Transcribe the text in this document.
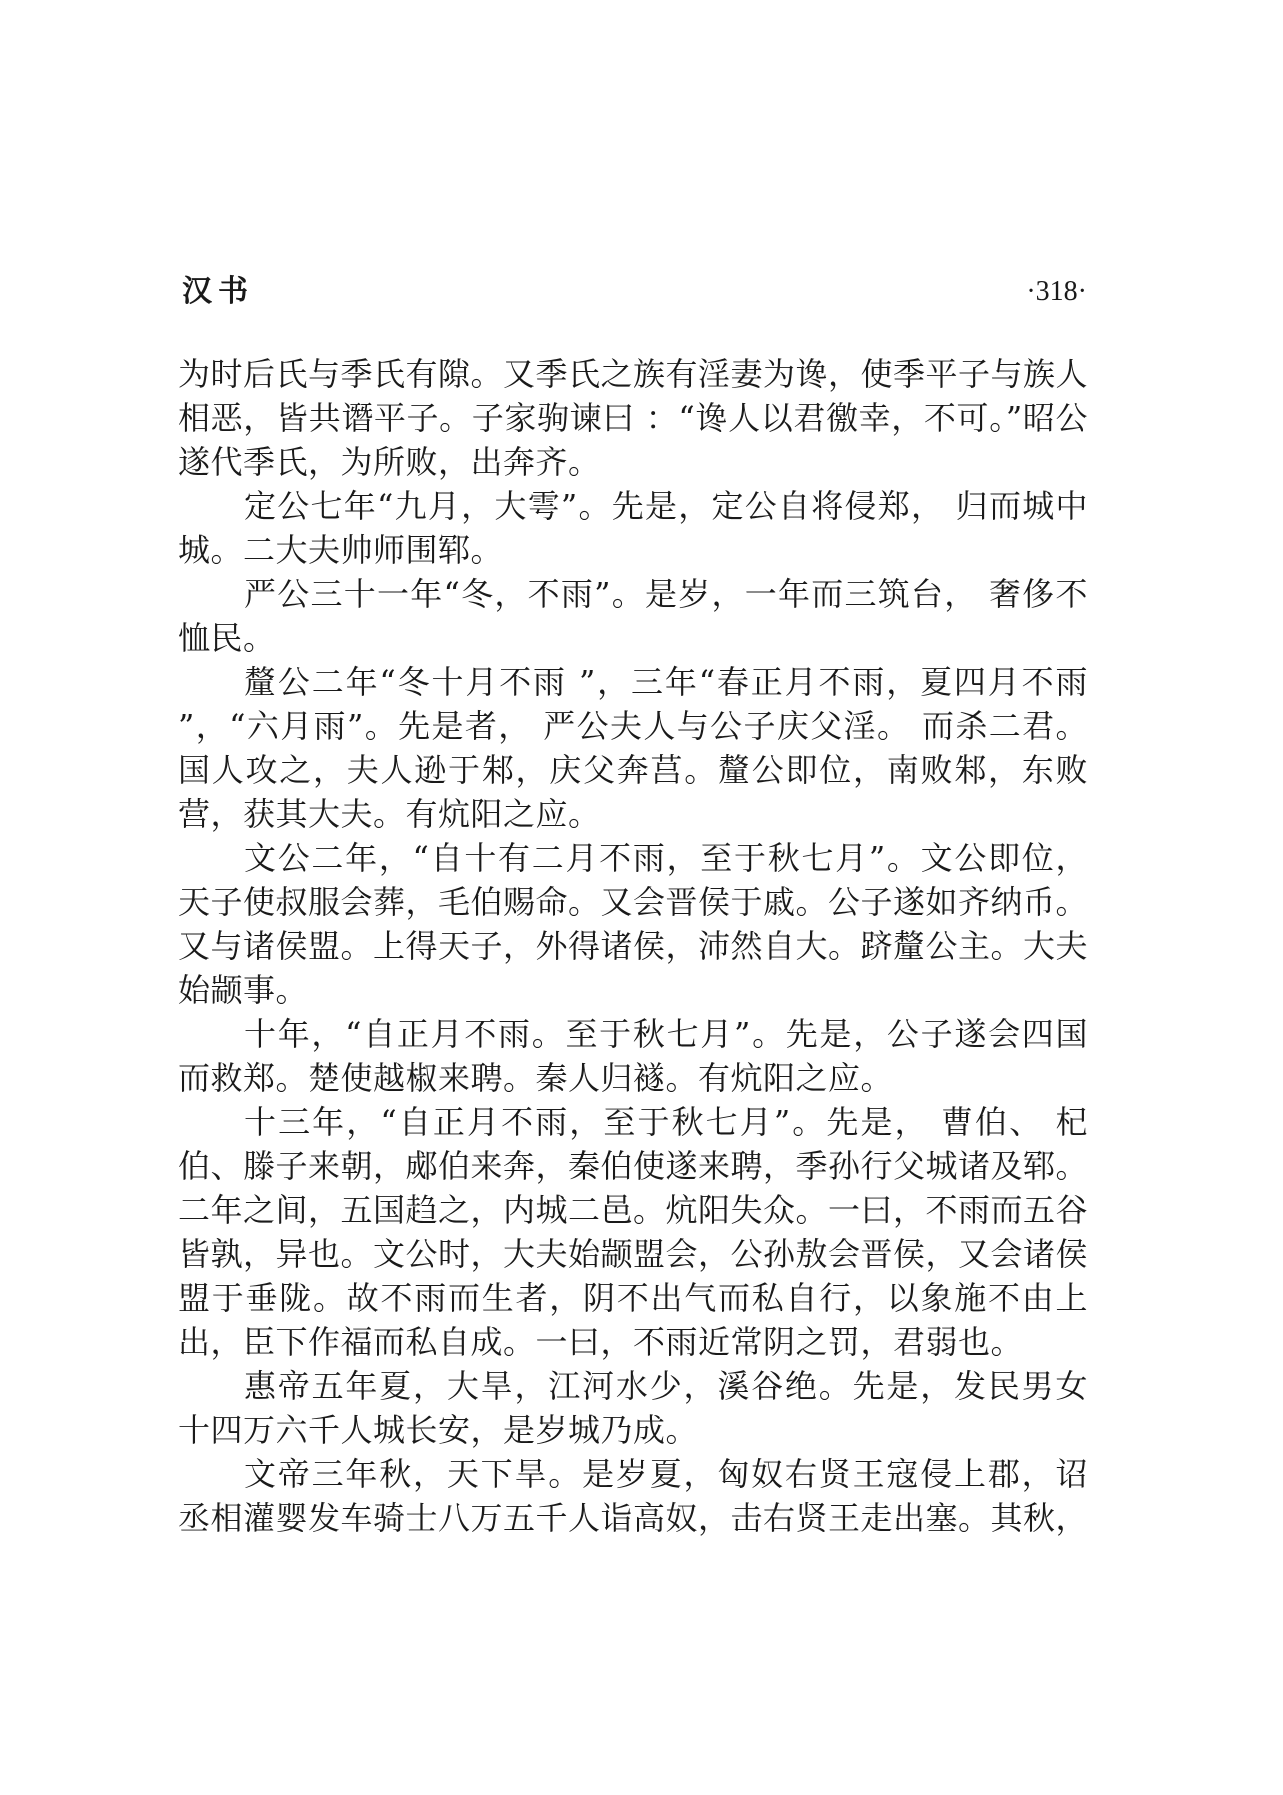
汉书	·318·

为时后氏与季氏有隙。又季氏之族有淫妻为谗，使季平子与族人相恶，皆共谮平子。子家驹谏曰 ：“谗人以君徼幸，不可。”昭公遂代季氏，为所败，出奔齐。

定公七年“九月，大雩”。先是，定公自将侵郑， 归而城中城。二大夫帅师围郓。

严公三十一年“冬，不雨”。是岁，一年而三筑台， 奢侈不恤民。

釐公二年“冬十月不雨 ”，三年“春正月不雨，夏四月不雨 ”，“六月雨”。先是者， 严公夫人与公子庆父淫。 而杀二君。国人攻之，夫人逊于邾，庆父奔莒。釐公即位，南败邾，东败营，获其大夫。有炕阳之应。

文公二年，“自十有二月不雨，至于秋七月”。文公即位，天子使叔服会葬，毛伯赐命。又会晋侯于戚。公子遂如齐纳币。又与诸侯盟。上得天子，外得诸侯，沛然自大。跻釐公主。大夫始颛事。

十年，“自正月不雨。至于秋七月”。先是，公子遂会四国而救郑。楚使越椒来聘。秦人归襚。有炕阳之应。

十三年，“自正月不雨，至于秋七月”。先是， 曹伯、 杞伯、滕子来朝，郕伯来奔，秦伯使遂来聘，季孙行父城诸及郓。二年之间，五国趋之，内城二邑。炕阳失众。一曰，不雨而五谷皆孰，异也。文公时，大夫始颛盟会，公孙敖会晋侯，又会诸侯盟于垂陇。故不雨而生者，阴不出气而私自行，以象施不由上出，臣下作福而私自成。一曰，不雨近常阴之罚，君弱也。

惠帝五年夏，大旱，江河水少，溪谷绝。先是，发民男女十四万六千人城长安，是岁城乃成。

文帝三年秋，天下旱。是岁夏，匈奴右贤王寇侵上郡，诏丞相灌婴发车骑士八万五千人诣高奴，击右贤王走出塞。其秋，
